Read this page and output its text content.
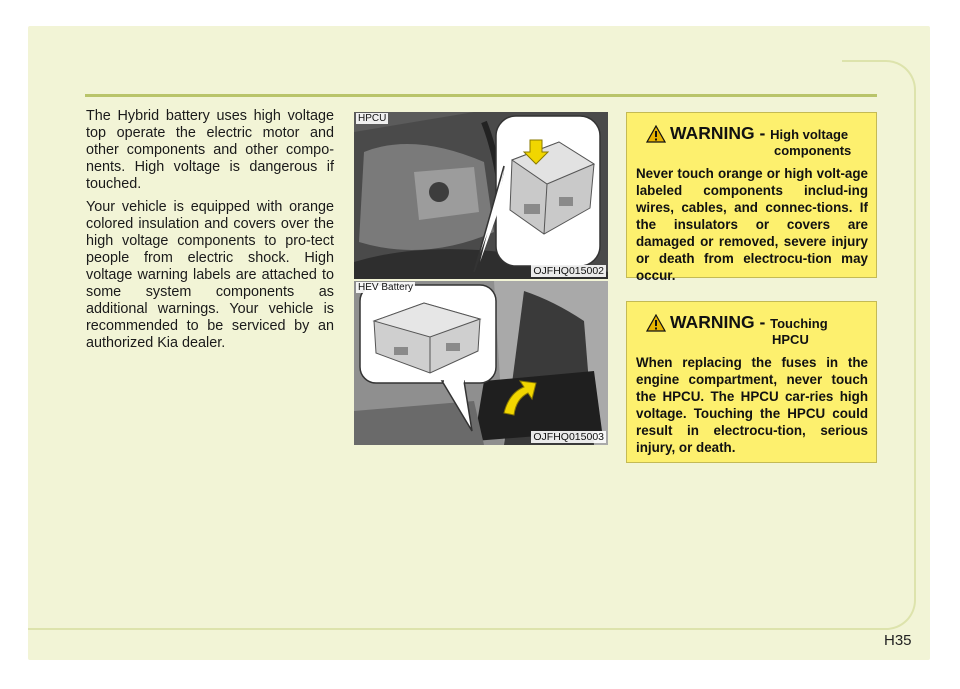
The Hybrid battery uses high voltage top operate the electric motor and other components and other compo-nents. High voltage is dangerous if touched.

Your vehicle is equipped with orange colored insulation and covers over the high voltage components to pro-tect people from electric shock. High voltage warning labels are attached to some system components as additional warnings. Your vehicle is recommended to be serviced by an authorized Kia dealer.

HPCU
OJFHQ015002
HEV Battery
OJFHQ015003
WARNING - High voltage
components

Never touch orange or high volt-age labeled components includ-ing wires, cables, and connec-tions. If the insulators or covers are damaged or removed, severe injury or death from electrocu-tion may occur.

WARNING - Touching
HPCU

When replacing the fuses in the engine compartment, never touch the HPCU. The HPCU car-ries high voltage. Touching the HPCU could result in electrocu-tion, serious injury, or death.

H35
